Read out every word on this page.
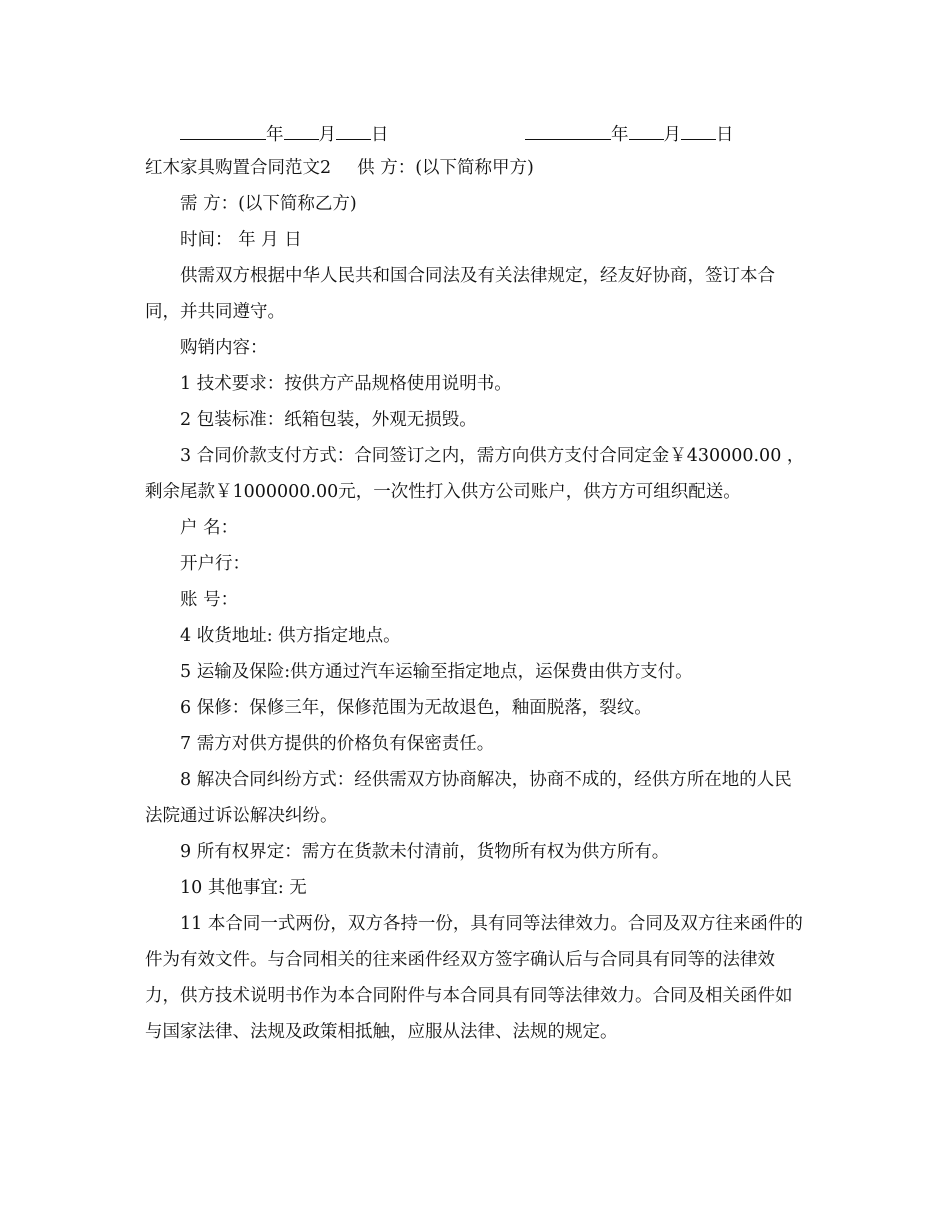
年 月 日	年 月 日

红木家具购置合同范文2 供 方：(以下简称甲方)

需 方：(以下简称乙方)

时间： 年 月 日

供需双方根据中华人民共和国合同法及有关法律规定，经友好协商，签订本合同，并共同遵守。

购销内容：

1 技术要求：按供方产品规格使用说明书。

2 包装标准：纸箱包装，外观无损毁。

3 合同价款支付方式：合同签订之内，需方向供方支付合同定金￥430000.00 ，剩余尾款￥1000000.00元，一次性打入供方公司账户，供方方可组织配送。

户 名：

开户行：

账 号：

4 收货地址: 供方指定地点。

5 运输及保险:供方通过汽车运输至指定地点，运保费由供方支付。

6 保修：保修三年，保修范围为无故退色，釉面脱落，裂纹。

7 需方对供方提供的价格负有保密责任。

8 解决合同纠纷方式：经供需双方协商解决，协商不成的，经供方所在地的人民法院通过诉讼解决纠纷。

9 所有权界定：需方在货款未付清前，货物所有权为供方所有。

10 其他事宜: 无

11 本合同一式两份，双方各持一份，具有同等法律效力。合同及双方往来函件的 件为有效文件。与合同相关的往来函件经双方签字确认后与合同具有同等的法律效力，供方技术说明书作为本合同附件与本合同具有同等法律效力。合同及相关函件如与国家法律、法规及政策相抵触，应服从法律、法规的规定。
